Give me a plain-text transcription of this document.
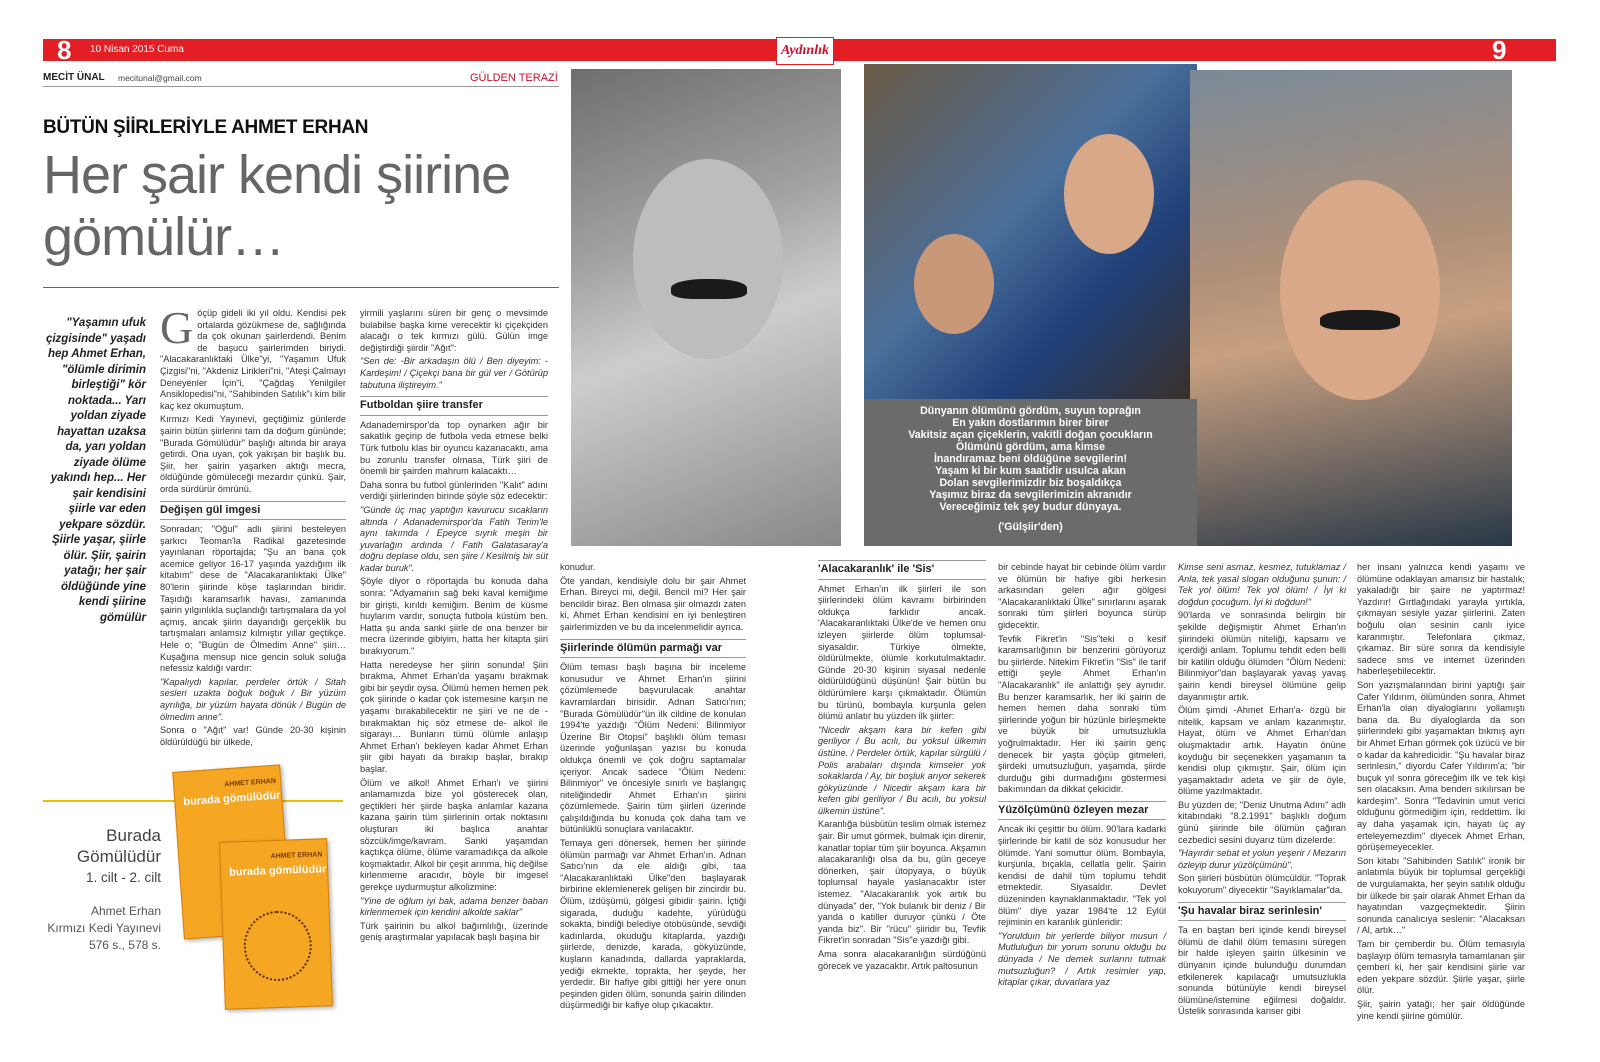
8	9
10 Nisan 2015 Cuma	Aydınlık
MECİT ÜNAL mecitunal@gmail.com	GÜLDEN TERAZİ
BÜTÜN ŞİİRLERİYLE AHMET ERHAN
Her şair kendi şiirine gömülür…
"Yaşamın ufuk çizgisinde" yaşadı hep Ahmet Erhan, "ölümle dirimin birleştiği" kör noktada... Yarı yoldan ziyade hayattan uzaksa da, yarı yoldan ziyade ölüme yakındı hep... Her şair kendisini şiirle var eden yekpare sözdür. Şiirle yaşar, şiirle ölür. Şiir, şairin yatağı; her şair öldüğünde yine kendi şiirine gömülür
G öçüp gideli iki yıl oldu. Kendisi pek ortalarda gözükmese de, sağlığında da çok okunan şairlerdendi. Benim de başucu şairlerimden biriydi. "Alacakaranlıktaki Ülke"yi, "Yaşamın Ufuk Çizgisi"ni, "Akdeniz Lirikleri"ni, "Ateşi Çalmayı Deneyenler İçin"i, "Çağdaş Yenilgiler Ansiklopedisi"ni, "Sahibinden Satılık"ı kim bilir kaç kez okumuştum.

Kırmızı Kedi Yayınevi, geçtiğimiz günlerde şairin bütün şiirlerini tam da doğum gününde; "Burada Gömülüdür" başlığı altında bir araya getirdi. Ona uyan, çok yakışan bir başlık bu. Şiir, her şairin yaşarken aktığı mecra, öldüğünde gömüleceği mezardır çünkü. Şair, orda sürdürür ömrünü.

Değişen gül imgesi

Sonradan; "Oğul" adlı şiirini besteleyen şarkıcı Teoman'la Radikal gazetesinde yayınlanan röportajda; "Şu an bana çok acemice geliyor 16-17 yaşında yazdığım ilk kitabım" dese de "Alacakaranlıktaki Ülke" 80'lerin şiirinde köşe taşlarından biridir. Taşıdığı karamsarlık havası, zamanında şairin yılgınlıkla suçlandığı tartışmalara da yol açmış, ancak şiirin dayandığı gerçeklik bu tartışmaları anlamsız kılmıştır yıllar geçtikçe. Hele o; "Bugün de Ölmedim Anne" şiiri… Kuşağına mensup nice gencin soluk soluğa nefessiz kaldığı vardır:

"Kapalıydı kapılar, perdeler örtük / Sitah sesleri uzakta boğuk boğuk / Bir yüzüm ayrılığa, bir yüzüm hayata dönük / Bugün de ölmedim anne".

Sonra o "Ağıt" var! Günde 20-30 kişinin öldürüldüğü bir ülkede,

yirmili yaşlarını süren bir genç o mevsimde bulabilse başka kime verecektir ki çiçekçiden alacağı o tek kırmızı gülü. Gülün imge değiştirdiği şiirdir "Ağıt":

"Sen de: -Bir arkadaşın ölü / Ben diyeyim: - Kardeşim! / Çiçekçi bana bir gül ver / Götürüp tabutuna iliştireyim."

Futboldan şiire transfer

Adanademirspor'da top oynarken ağır bir sakatlık geçirip de futbola veda etmese belki Türk futbolu klas bir oyuncu kazanacaktı, ama bu zorunlu transfer olmasa, Türk şiiri de önemli bir şairden mahrum kalacaktı…

Daha sonra bu futbol günlerinden "Kalıt" adını verdiği şiirlerinden birinde şöyle söz edecektir:

"Günde üç maç yaptığın kavurucu sıcakların altında / Adanademirspor'da Fatih Terim'le aynı takımda / Epeyce sıyrık meşin bir yuvarlağın ardında / Fatih Galatasaray'a doğru deplase oldu, sen şiire / Kesilmiş bir süt kadar buruk".

Şöyle diyor o röportajda bu konuda daha sonra: "Adyamanın sağ beki kaval kemiğime bir girişti, kırıldı kemiğim. Benim de küsme huylarım vardır, sonuçta futbola küstüm ben. Hatta şu anda sanki şiirle de ona benzer bir mecra üzerinde gibiyim, hatta her kitapta şiiri bırakıyorum."

Hatta neredeyse her şiirin sonunda! Şiiri bırakma, Ahmet Erhan'da yaşamı bırakmak gibi bir şeydir oysa. Ölümü hemen hemen pek çok şiirinde o kadar çok istemesine karşın ne yaşamı bırakabilecektir ne şiiri ve ne de -bırakmaktan hiç söz etmese de- alkol ile sigarayı… Bunların tümü ölümle anlaşıp Ahmet Erhan'ı bekleyen kadar Ahmet Erhan şiir gibi hayatı da bırakıp başlar, bırakıp başlar.

Ölüm ve alkol! Ahmet Erhan'ı ve şiirini anlamamızda bize yol gösterecek olan, geçtikleri her şiirde başka anlamlar kazana kazana şairin tüm şiirlerinin ortak noktasını oluşturan iki başlıca anahtar sözcük/imge/kavram. Sanki yaşamdan kaçtıkça ölüme, ölüme varamadıkça da alkole koşmaktadır. Alkol bir çeşit arınma, hiç değilse kirlenmeme aracıdır, böyle bir imgesel gerekçe uydurmuştur alkolizmine:

"Yine de oğlum iyi bak, adama benzer baban kirlenmemek için kendini alkolde saklar"

Türk şairinin bu alkol bağımlılığı, üzerinde geniş araştırmalar yapılacak başlı başına bir

konudur.

Öte yandan, kendisiyle dolu bir şair Ahmet Erhan. Bireyci mi, değil. Bencil mi? Her şair bencildir biraz. Ben olmasa şiir olmazdı zaten ki, Ahmet Erhan kendisini en iyi benleştiren şairlerimizden ve bu da incelenmelidir ayrıca.

Şiirlerinde ölümün parmağı var

Ölüm teması başlı başına bir inceleme konusudur ve Ahmet Erhan'ın şiirini çözümlemede başvurulacak anahtar kavramlardan birisidir. Adnan Satıcı'nın; "Burada Gömülüdür"ün ilk cildine de konulan 1994'te yazdığı "Ölüm Nedeni: Bilinmiyor Üzerine Bir Otopsi" başlıklı ölüm teması üzerinde yoğunlaşan yazısı bu konuda oldukça önemli ve çok doğru saptamalar içeriyor. Ancak sadece "Ölüm Nedeni: Bilinmiyor" ve öncesiyle sınırlı ve başlangıç niteliğindedir Ahmet Erhan'ın şiirini çözümlemede. Şairin tüm şiirleri üzerinde çalışıldığında bu konuda çok daha tam ve bütünlüklü sonuçlara varılacaktır.

Temaya geri dönersek, hemen her şiirinde ölümün parmağı var Ahmet Erhan'ın. Adnan Satıcı'nın da ele aldığı gibi, taa "Alacakaranlıktaki Ülke"den başlayarak birbirine eklemlenerek gelişen bir zincirdir bu. Ölüm, izdüşümü, gölgesi gibidir şairin. İçtiği sigarada, duduğu kadehte, yürüdüğü sokakta, bindiği belediye otobüsünde, sevdiği kadınlarda, okuduğu kitaplarda, yazdığı şiirlerde, denizde, karada, gökyüzünde, kuşların kanadında, dallarda yapraklarda, yediği ekmekte, toprakta, her şeyde, her yerdedir. Bir hafiye gibi gittiği her yere onun peşinden giden ölüm, sonunda şairin dilinden düşürmediği bir kafiye olup çıkacaktır.

'Alacakaranlık' ile 'Sis'

Ahmet Erhan'ın ilk şiirleri ile son şiirlerindeki ölüm kavramı birbirinden oldukça farklıdır ancak. 'Alacakaranlıktaki Ülke'de ve hemen onu izleyen şiirlerde ölüm toplumsal-siyasaldır. Türkiye ölmekte, öldürülmekte, ölümle korkutulmaktadır. Günde 20-30 kişinin siyasal nedenle öldürüldüğünü düşünün! Şair bütün bu öldürümlere karşı çıkmaktadır. Ölümün bu türünü, bombayla kurşunla gelen ölümü anlatır bu yüzden ilk şiirler:

"Nicedir akşam kara bir kefen gibi geriliyor / Bu acılı, bu yoksul ülkemin üstüne. / Perdeler örtük, kapılar sürgülü / Polis arabaları dışında kimseler yok sokaklarda / Ay, bir boşluk arıyor sekerek gökyüzünde / Nicedir akşam kara bir kefen gibi geriliyor / Bu acılı, bu yoksul ülkemin üstüne".

Karanlığa büsbütün teslim olmak istemez şair. Bir umut görmek, bulmak için direnir, kanatlar toplar tüm şiir boyunca. Akşamın alacakaranlığı olsa da bu, gün geceye dönerken, şair ütopyaya, o büyük toplumsal hayale yaslanacaktır ister istemez. "Alacakaranlık yok artık bu dünyada" der, "Yok bulanık bir deniz / Bir yanda o katiller duruyor çünkü / Öte yanda biz". Bir "rücu" şiiridir bu, Tevfik Fikret'in sonradan "Sis"e yazdığı gibi.

Ama sonra alacakaranlığın sürdüğünü görecek ve yazacaktır. Artık paltosunun

bir cebinde hayat bir cebinde ölüm vardır ve ölümün bir hafiye gibi herkesin arkasından gelen ağır gölgesi "Alacakaranlıktaki Ülke" sınırlarını aşarak sonraki tüm şiirleri boyunca sürüp gidecektir.

Tevfik Fikret'in "Sis"teki o kesif karamsarlığının bir benzerini görüyoruz bu şiirlerde. Nitekim Fikret'in "Sis" ile tarif ettiği şeyle Ahmet Erhan'ın "Alacakaranlık" ile anlattığı şey aynıdır. Bu benzer karamsarlık, her iki şairin de hemen hemen daha sonraki tüm şiirlerinde yoğun bir hüzünle birleşmekte ve büyük bir umutsuzlukla yoğrulmaktadır. Her iki şairin genç denecek bir yaşta göçüp gitmeleri, şiirdeki umutsuzluğun, yaşamda, şiirde durduğu gibi durmadığını göstermesi bakımından da dikkat çekicidir.

Yüzölçümünü özleyen mezar

Ancak iki çeşittir bu ölüm. 90'lara kadarki şiirlerinde bir katil de söz konusudur her ölümde. Yani somuttur ölüm. Bombayla, kurşunla, bıçakla, cellatla gelir. Şairin kendisi de dahil tüm toplumu tehdit etmektedir. Siyasaldır. Devlet düzeninden kaynaklanmaktadır. "Tek yol ölüm" diye yazar 1984'te 12 Eylül rejiminin en karanlık günleridir:

"Yorulduın bir yerlerde biliyor musun / Mutluluğun bir yorum sorunu olduğu bu dünyada / Ne demek surlarını tutmak mutsuzluğun? / Artık resimler yap, kitaplar çıkar, duvarlara yaz

Kimse seni asmaz, kesmez, tutuklamaz / Anla, tek yasal slogan olduğunu şunun: / Tek yol ölüm! Tek yol ölüm! / İyi ki doğdun çocuğum. İyi ki doğdun!"

90'larda ve sonrasında belirgin bir şekilde değişmiştir Ahmet Erhan'ın şiirindeki ölümün niteliği, kapsamı ve içerdiği anlam. Toplumu tehdit eden belli bir katilin olduğu ölümden "Ölüm Nedeni: Bilinmiyor"dan başlayarak yavaş yavaş şairin kendi bireysel ölümüne gelip dayanmıştır artık.

Ölüm şimdi -Ahmet Erhan'a- özgü bir nitelik, kapsam ve anlam kazanmıştır. Hayat, ölüm ve Ahmet Erhan'dan oluşmaktadır artık. Hayatın önüne koyduğu bir seçenekken yaşamanın ta kendisi olup çıkmıştır. Şair, ölüm için yaşamaktadır adeta ve şiir de öyle, ölüme yazılmaktadır.

Bu yüzden de; "Deniz Unutma Adını" adlı kitabındaki "8.2.1991" başlıklı doğum günü şiirinde bile ölümün çağıran cezbedici sesini duyarız tüm dizelerde:

"Hayırdır sebat et yolun yeşerir / Mezarın özleyip durur yüzölçümünü".

Son şiirleri büsbütün ölümcüldür. "Toprak kokuyorum" diyecektir "Sayıklamalar"da.

'Şu havalar biraz serinlesin'

Ta en baştan beri içinde kendi bireysel ölümü de dahil ölüm temasını süregen bir halde işleyen şairin ülkesinin ve dünyanın içinde bulunduğu durumdan etkilenerek kapılacağı umutsuzlukla sonunda bütünüyle kendi bireysel ölümüne/istemine eğilmesi doğaldır. Üstelik sonrasında kanser gibi

her insanı yalnızca kendi yaşamı ve ölümüne odaklayan amansız bir hastalık; yakaladığı bir şaire ne yaptırmaz! Yazdırır! Gırtlağındaki yarayla yırtıkla, çıkmayan sesiyle yazar şiirlerini. Zaten boğulu olan sesinin canlı iyice karanmıştır. Telefonlara çıkmaz, çıkamaz. Bir süre sonra da kendisiyle sadece sms ve internet üzerinden haberleşebilecektir.

Son yazışmalarından birini yaptığı şair Cafer Yıldırım, ölümünden sonra, Ahmet Erhan'la olan diyaloglarını yollamıştı bana da. Bu diyaloglarda da son şiirlerindeki gibi yaşamaktan bıkmış ayrı bir Ahmet Erhan görmek çok üzücü ve bir o kadar da kahredicidir. "Şu havalar biraz serinlesin," diyordu Cafer Yıldırım'a; "bir buçuk yıl sonra göreceğim ilk ve tek kişi sen olacaksın. Ama benden sıkılırsan be kardeşim". Sonra "Tedavinin umut verici olduğunu görmediğim için, reddettim. İki ay daha yaşamak için, hayatı üç ay erteleyemezdim" diyecek Ahmet Erhan, görüşemeyecekler.

Son kitabı "Sahibinden Satılık" ironik bir anlatımla büyük bir toplumsal gerçekliği de vurgulamakta, her şeyin satılık olduğu bir ülkede bir şair olarak Ahmet Erhan da hayatından vazgeçmektedir. Şiirin sonunda canalıcıya seslenir: "Alacaksan / Al, artık…"

Tam bir çemberdir bu. Ölüm temasıyla başlayıp ölüm temasıyla tamamlanan şiir çemberi ki, her şair kendisini şiirle var eden yekpare sözdür. Şiirle yaşar, şiirle ölür.

Şiir, şairin yatağı; her şair öldüğünde yine kendi şiirine gömülür.

Dünyanın ölümünü gördüm, suyun toprağın
En yakın dostlarımın birer birer
Vakitsiz açan çiçeklerin, vakitli doğan çocukların
Ölümünü gördüm, ama kimse
İnandıramaz beni öldüğüne sevgilerin!
Yaşam ki bir kum saatidir usulca akan
Dolan sevgilerimizdir biz boşaldıkça
Yaşımız biraz da sevgilerimizin akranıdır
Vereceğimiz tek şey budur dünyaya.
('Gülşiir'den)
AHMET ERHAN
burada gömülüdür
AHMET ERHAN
burada gömülüdür
Burada Gömülüdür
1. cilt - 2. cilt
Ahmet Erhan
Kırmızı Kedi Yayınevi
576 s., 578 s.
